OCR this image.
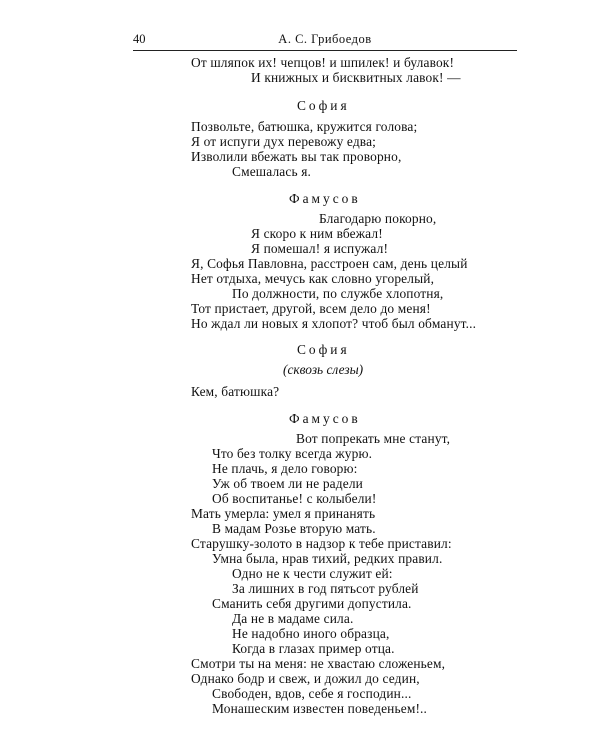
40	А. С. Грибоедов
От шляпок их! чепцов! и шпилек! и булавок!
И книжных и бисквитных лавок! —
София
Позвольте, батюшка, кружится голова;
Я от испуги дух перевожу едва;
Изволили вбежать вы так проворно,
Смешалась я.
Фамусов
Благодарю покорно,
Я скоро к ним вбежал!
Я помешал! я испужал!
Я, Софья Павловна, расстроен сам, день целый
Нет отдыха, мечусь как словно угорелый,
По должности, по службе хлопотня,
Тот пристает, другой, всем дело до меня!
Но ждал ли новых я хлопот? чтоб был обманут...
София
(сквозь слезы)
Кем, батюшка?
Фамусов
Вот попрекать мне станут,
Что без толку всегда журю.
Не плачь, я дело говорю:
Уж об твоем ли не радели
Об воспитанье! с колыбели!
Мать умерла: умел я принанять
В мадам Розье вторую мать.
Старушку-золото в надзор к тебе приставил:
Умна была, нрав тихий, редких правил.
Одно не к чести служит ей:
За лишних в год пятьсот рублей
Сманить себя другими допустила.
Да не в мадаме сила.
Не надобно иного образца,
Когда в глазах пример отца.
Смотри ты на меня: не хвастаю сложеньем,
Однако бодр и свеж, и дожил до седин,
Свободен, вдов, себе я господин...
Монашеским известен поведеньем!..
